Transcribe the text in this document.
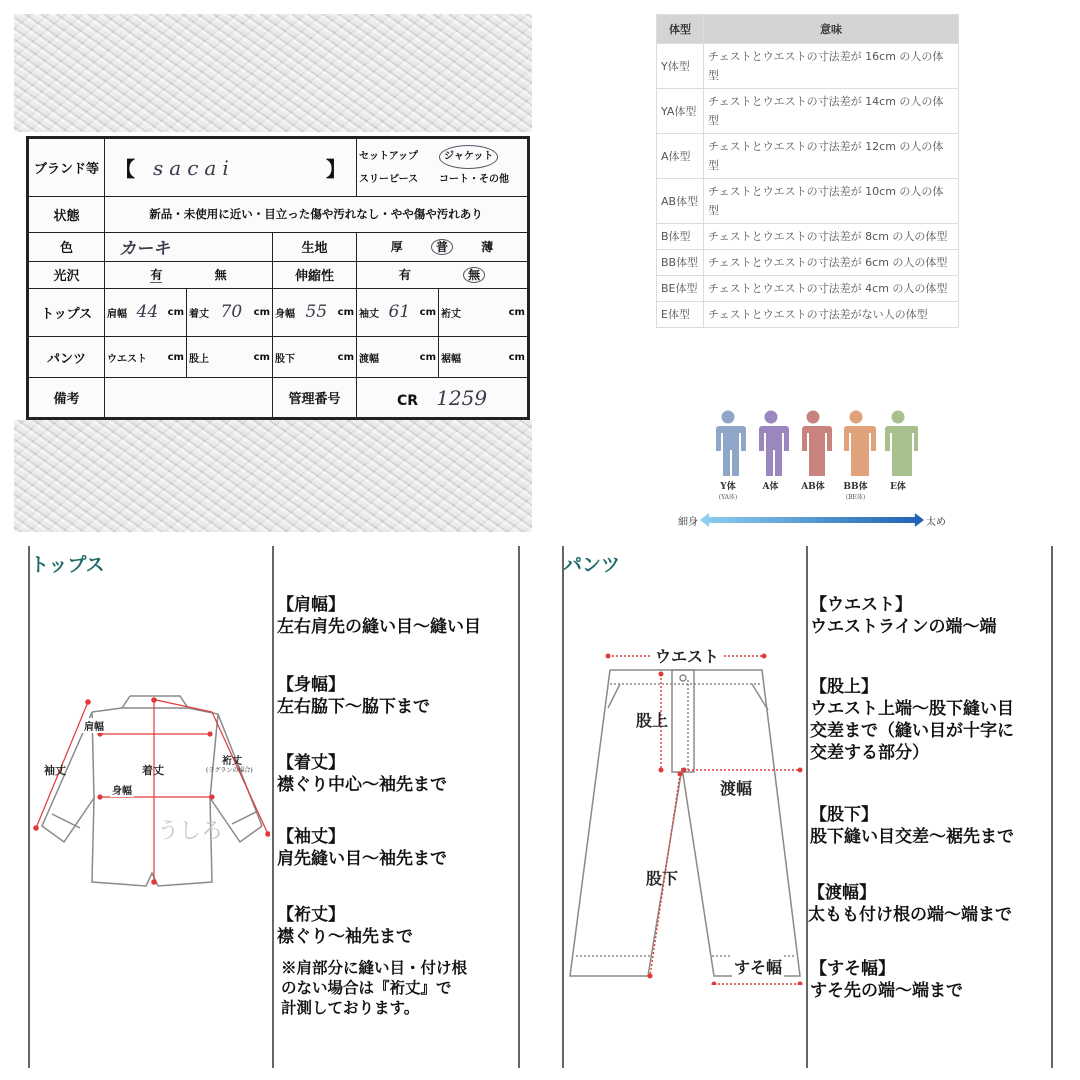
ブランド等	【 sacai 】			セットアップ ジャケット
スリーピース コート・その他	

状態	新品・未使用に近い・目立った傷や汚れなし・やや傷や汚れあり				
色	カーキ		生地	厚 普 薄	
光沢	有 無		伸縮性	有 無	
トップス	肩幅 44 cm	着丈 70 cm	身幅 55 cm	袖丈 61 cm	裄丈 cm

パンツ	ウエスト cm	股上 cm	股下 cm	渡幅 cm	裾幅 cm

備考			管理番号	CR 1259	
体型	意味
Y体型	チェストとウエストの寸法差が 16cm の人の体型
YA体型	チェストとウエストの寸法差が 14cm の人の体型
A体型	チェストとウエストの寸法差が 12cm の人の体型
AB体型	チェストとウエストの寸法差が 10cm の人の体型
B体型	チェストとウエストの寸法差が 8cm の人の体型
BB体型	チェストとウエストの寸法差が 6cm の人の体型
BE体型	チェストとウエストの寸法差が 4cm の人の体型
E体型	チェストとウエストの寸法差がない人の体型
Y体
(YA体)
A体	AB体 BB体
(BE体)
E体
細身	太め
トップス
うしろ
肩幅
袖丈	着丈
身幅
裄丈
(ラグランの場合)
【肩幅】
左右肩先の縫い目〜縫い目
【身幅】
左右脇下〜脇下まで
【着丈】
襟ぐり中心〜袖先まで
【袖丈】
肩先縫い目〜袖先まで
【裄丈】
襟ぐり〜袖先まで
※肩部分に縫い目・付け根
のない場合は『裄丈』で
計測しております。
パンツ
ウエスト
股上
渡幅
股下
すそ幅
【ウエスト】
ウエストラインの端〜端
【股上】
ウエスト上端〜股下縫い目
交差まで（縫い目が十字に
交差する部分）
【股下】
股下縫い目交差〜裾先まで
【渡幅】
太もも付け根の端〜端まで
【すそ幅】
すそ先の端〜端まで
